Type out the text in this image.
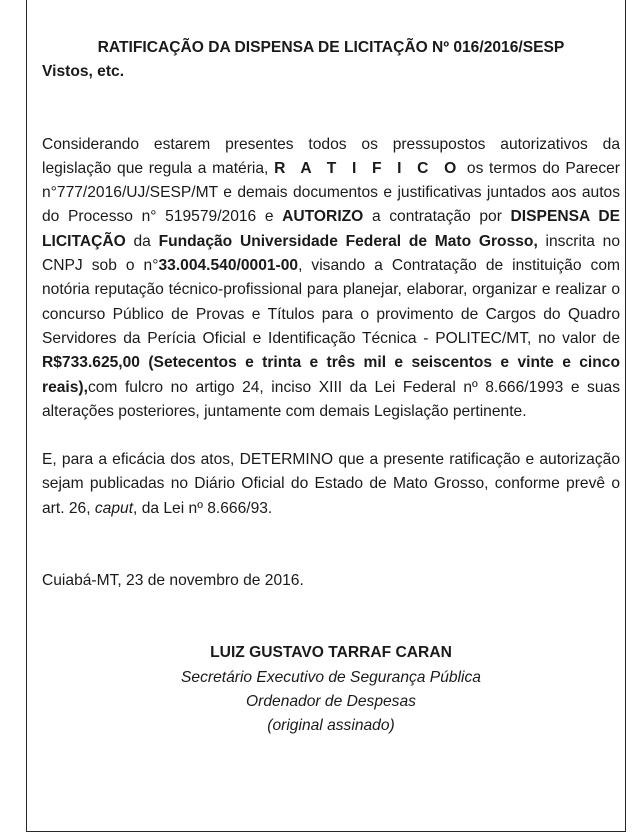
RATIFICAÇÃO DA DISPENSA DE LICITAÇÃO Nº 016/2016/SESP

Vistos, etc.

Considerando estarem presentes todos os pressupostos autorizativos da legislação que regula a matéria, R A T I F I C O os termos do Parecer n°777/2016/UJ/SESP/MT e demais documentos e justificativas juntados aos autos do Processo n° 519579/2016 e AUTORIZO a contratação por DISPENSA DE LICITAÇÃO da Fundação Universidade Federal de Mato Grosso, inscrita no CNPJ sob o n°33.004.540/0001-00, visando a Contratação de instituição com notória reputação técnico-profissional para planejar, elaborar, organizar e realizar o concurso Público de Provas e Títulos para o provimento de Cargos do Quadro Servidores da Perícia Oficial e Identificação Técnica - POLITEC/MT, no valor de R$733.625,00 (Setecentos e trinta e três mil e seiscentos e vinte e cinco reais),com fulcro no artigo 24, inciso XIII da Lei Federal nº 8.666/1993 e suas alterações posteriores, juntamente com demais Legislação pertinente.

E, para a eficácia dos atos, DETERMINO que a presente ratificação e autorização sejam publicadas no Diário Oficial do Estado de Mato Grosso, conforme prevê o art. 26, caput, da Lei nº 8.666/93.

Cuiabá-MT, 23 de novembro de 2016.

LUIZ GUSTAVO TARRAF CARAN

Secretário Executivo de Segurança Pública

Ordenador de Despesas

(original assinado)
